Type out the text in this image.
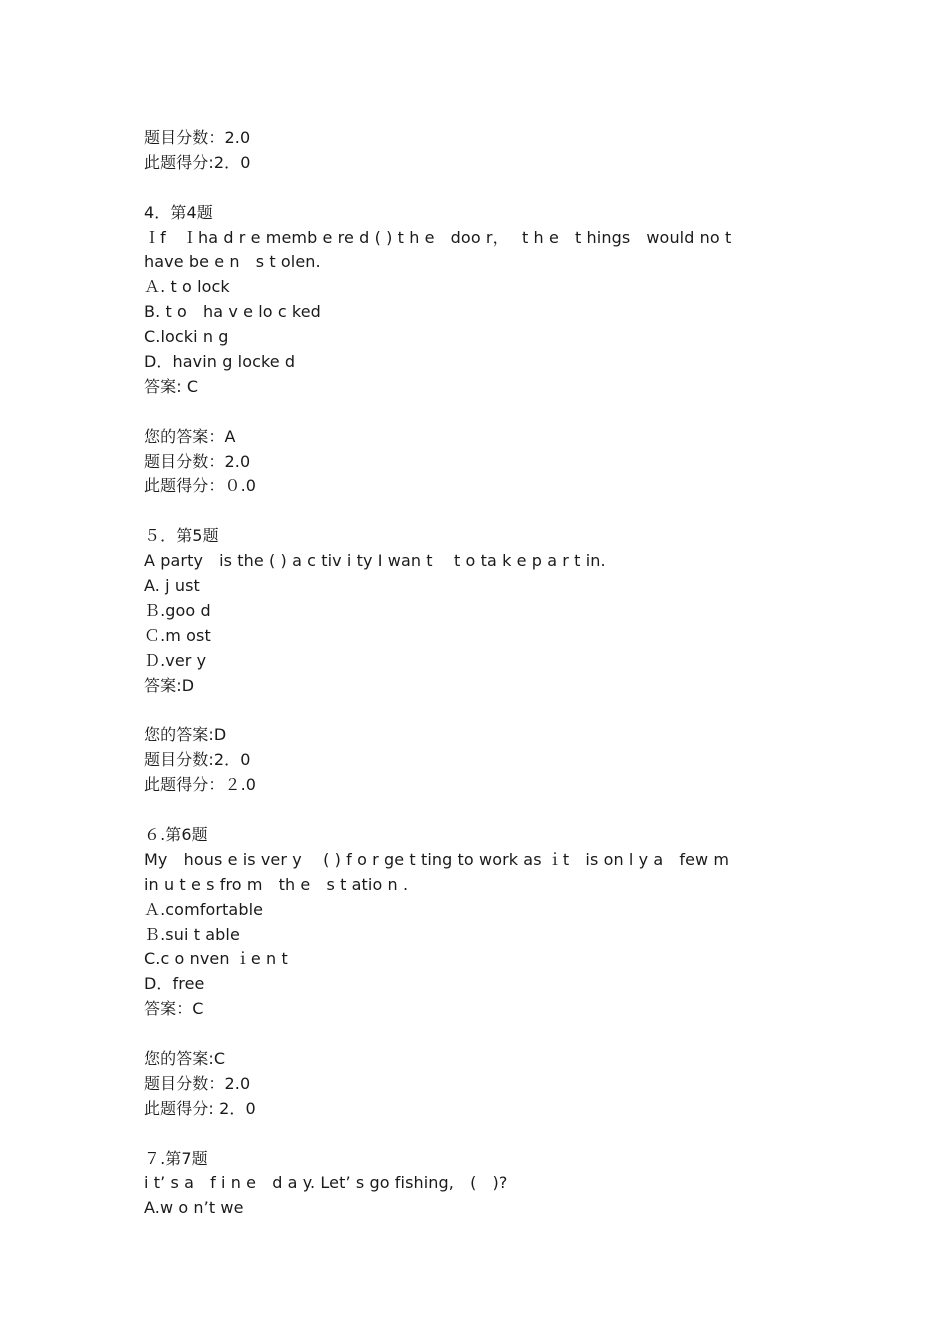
题目分数：2.0
此题得分:2．0
4．第4题
Ｉf　Ｉha d r e memb e re d ( ) t h e　doo r，　 t h e　t hings　would no t
have be e n　s t olen.
Ａ. t o lock
B. t o　ha v e lo c ked
C.locki n g
D．havin g locke d
答案: C
您的答案：A
题目分数：2.0
此题得分：０.0
５．第5题
A party　is the ( ) a c tiv i ty I wan t　 t o ta k e p a r t in.
A. j ust
Ｂ.goo d
Ｃ.m ost
Ｄ.ver y
答案:D
您的答案:D
题目分数:2．0
此题得分：２.0
６.第6题
My　hous e is ver y　 ( ) f o r ge t ting to work as ｉt　is on l y a　few m
in u t e s fro m　th e　s t atio n .
Ａ.comfortable
Ｂ.sui t able
C.c o nven ｉe n t
D．free
答案：C
您的答案:C
题目分数：2.0
此题得分: 2．0
７.第7题
i t’ s a　f i n e　d a y. Let’ s go fishing,　(　)?
A.w o n’t we
